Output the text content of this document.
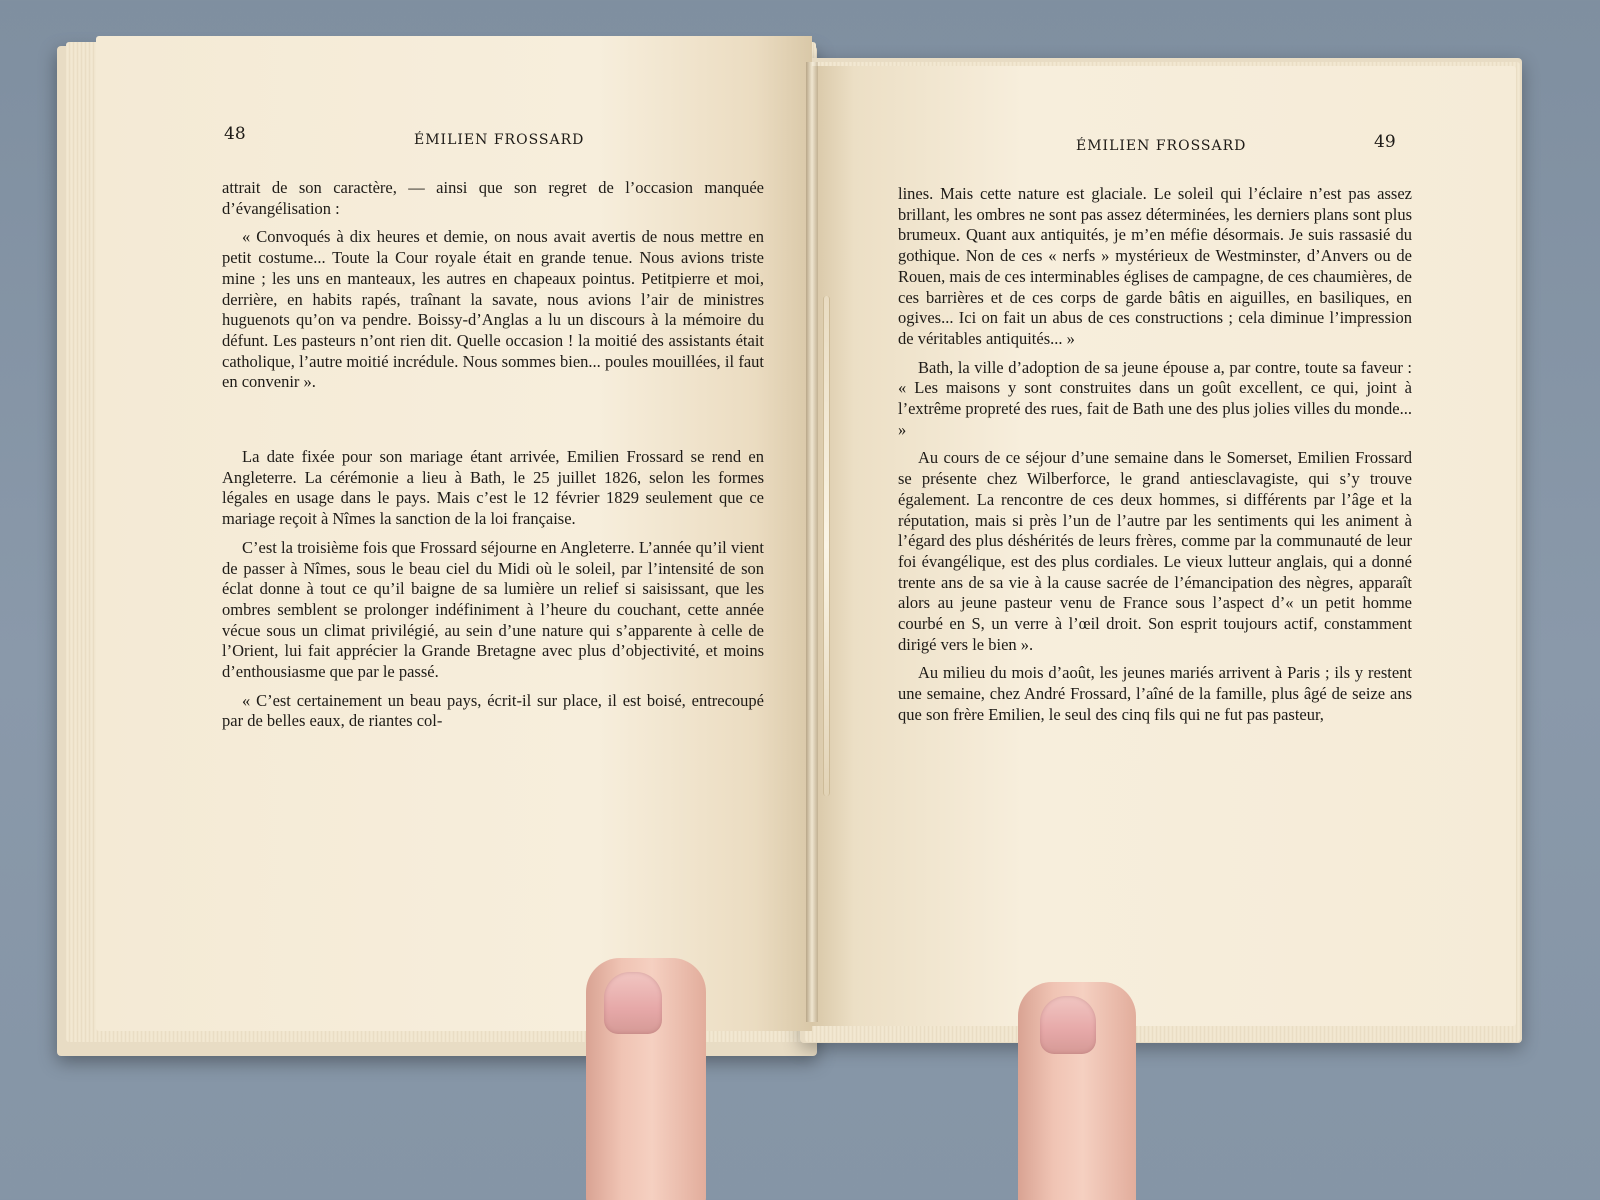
48	ÉMILIEN FROSSARD

attrait de son caractère, — ainsi que son regret de l’occasion manquée d’évangélisation :

« Convoqués à dix heures et demie, on nous avait avertis de nous mettre en petit costume... Toute la Cour royale était en grande tenue. Nous avions triste mine ; les uns en manteaux, les autres en chapeaux pointus. Petitpierre et moi, derrière, en habits rapés, traînant la savate, nous avions l’air de ministres huguenots qu’on va pendre. Boissy-d’Anglas a lu un discours à la mémoire du défunt. Les pasteurs n’ont rien dit. Quelle occasion ! la moitié des assistants était catholique, l’autre moitié incrédule. Nous sommes bien... poules mouillées, il faut en convenir ».

La date fixée pour son mariage étant arrivée, Emilien Frossard se rend en Angleterre. La cérémonie a lieu à Bath, le 25 juillet 1826, selon les formes légales en usage dans le pays. Mais c’est le 12 février 1829 seulement que ce mariage reçoit à Nîmes la sanction de la loi française.

C’est la troisième fois que Frossard séjourne en Angleterre. L’année qu’il vient de passer à Nîmes, sous le beau ciel du Midi où le soleil, par l’intensité de son éclat donne à tout ce qu’il baigne de sa lumière un relief si saisissant, que les ombres semblent se prolonger indéfiniment à l’heure du couchant, cette année vécue sous un climat privilégié, au sein d’une nature qui s’apparente à celle de l’Orient, lui fait apprécier la Grande Bretagne avec plus d’objectivité, et moins d’enthousiasme que par le passé.

« C’est certainement un beau pays, écrit-il sur place, il est boisé, entrecoupé par de belles eaux, de riantes col-

ÉMILIEN FROSSARD	49

lines. Mais cette nature est glaciale. Le soleil qui l’éclaire n’est pas assez brillant, les ombres ne sont pas assez déterminées, les derniers plans sont plus brumeux. Quant aux antiquités, je m’en méfie désormais. Je suis rassasié du gothique. Non de ces « nerfs » mystérieux de Westminster, d’Anvers ou de Rouen, mais de ces interminables églises de campagne, de ces chaumières, de ces barrières et de ces corps de garde bâtis en aiguilles, en basiliques, en ogives... Ici on fait un abus de ces constructions ; cela diminue l’impression de véritables antiquités... »

Bath, la ville d’adoption de sa jeune épouse a, par contre, toute sa faveur : « Les maisons y sont construites dans un goût excellent, ce qui, joint à l’extrême propreté des rues, fait de Bath une des plus jolies villes du monde... »

Au cours de ce séjour d’une semaine dans le Somerset, Emilien Frossard se présente chez Wilberforce, le grand antiesclavagiste, qui s’y trouve également. La rencontre de ces deux hommes, si différents par l’âge et la réputation, mais si près l’un de l’autre par les sentiments qui les animent à l’égard des plus déshérités de leurs frères, comme par la communauté de leur foi évangélique, est des plus cordiales. Le vieux lutteur anglais, qui a donné trente ans de sa vie à la cause sacrée de l’émancipation des nègres, apparaît alors au jeune pasteur venu de France sous l’aspect d’« un petit homme courbé en S, un verre à l’œil droit. Son esprit toujours actif, constamment dirigé vers le bien ».

Au milieu du mois d’août, les jeunes mariés arrivent à Paris ; ils y restent une semaine, chez André Frossard, l’aîné de la famille, plus âgé de seize ans que son frère Emilien, le seul des cinq fils qui ne fut pas pasteur,
